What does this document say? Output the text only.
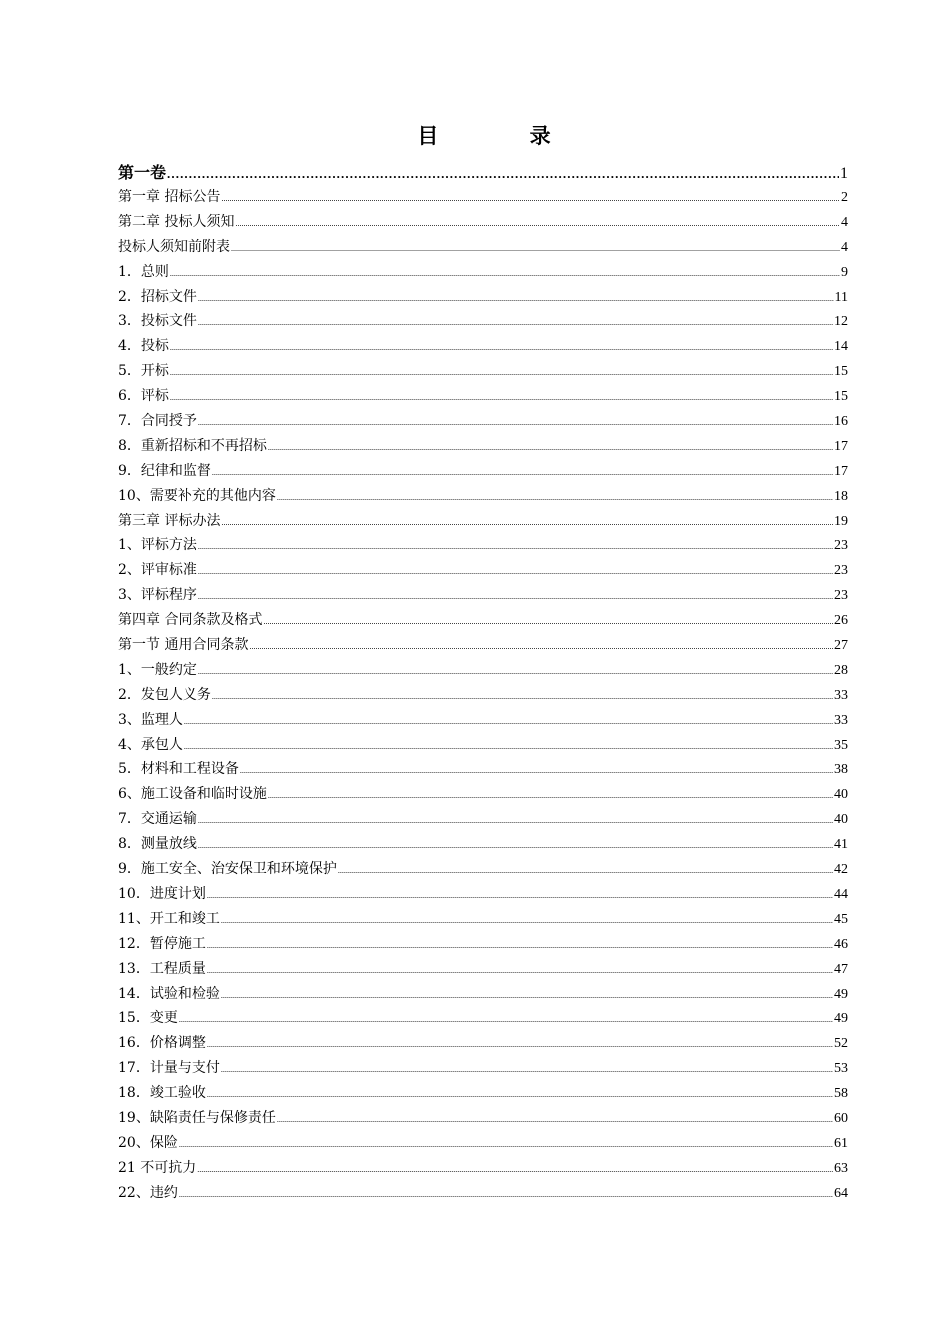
目 录
第一卷 .....	1
第一章 招标公告 .....	2
第二章 投标人须知 .....	4
投标人须知前附表 .....	4
1．总则 .....	9
2．招标文件 .....	11
3．投标文件 .....	12
4．投标 .....	14
5．开标 .....	15
6．评标 .....	15
7．合同授予 .....	16
8．重新招标和不再招标 .....	17
9．纪律和监督 .....	17
10、需要补充的其他内容 .....	18
第三章 评标办法 .....	19
1、评标方法 .....	23
2、评审标准 .....	23
3、评标程序 .....	23
第四章 合同条款及格式 .....	26
第一节 通用合同条款 .....	27
1、一般约定 .....	28
2．发包人义务 .....	33
3、监理人 .....	33
4、承包人 .....	35
5．材料和工程设备 .....	38
6、施工设备和临时设施 .....	40
7．交通运输 .....	40
8．测量放线 .....	41
9．施工安全、治安保卫和环境保护 .....	42
10．进度计划 .....	44
11、开工和竣工 .....	45
12．暂停施工 .....	46
13．工程质量 .....	47
14．试验和检验 .....	49
15．变更 .....	49
16．价格调整 .....	52
17．计量与支付 .....	53
18．竣工验收 .....	58
19、缺陷责任与保修责任 .....	60
20、保险 .....	61
21 不可抗力 .....	63
22、违约 .....	64
